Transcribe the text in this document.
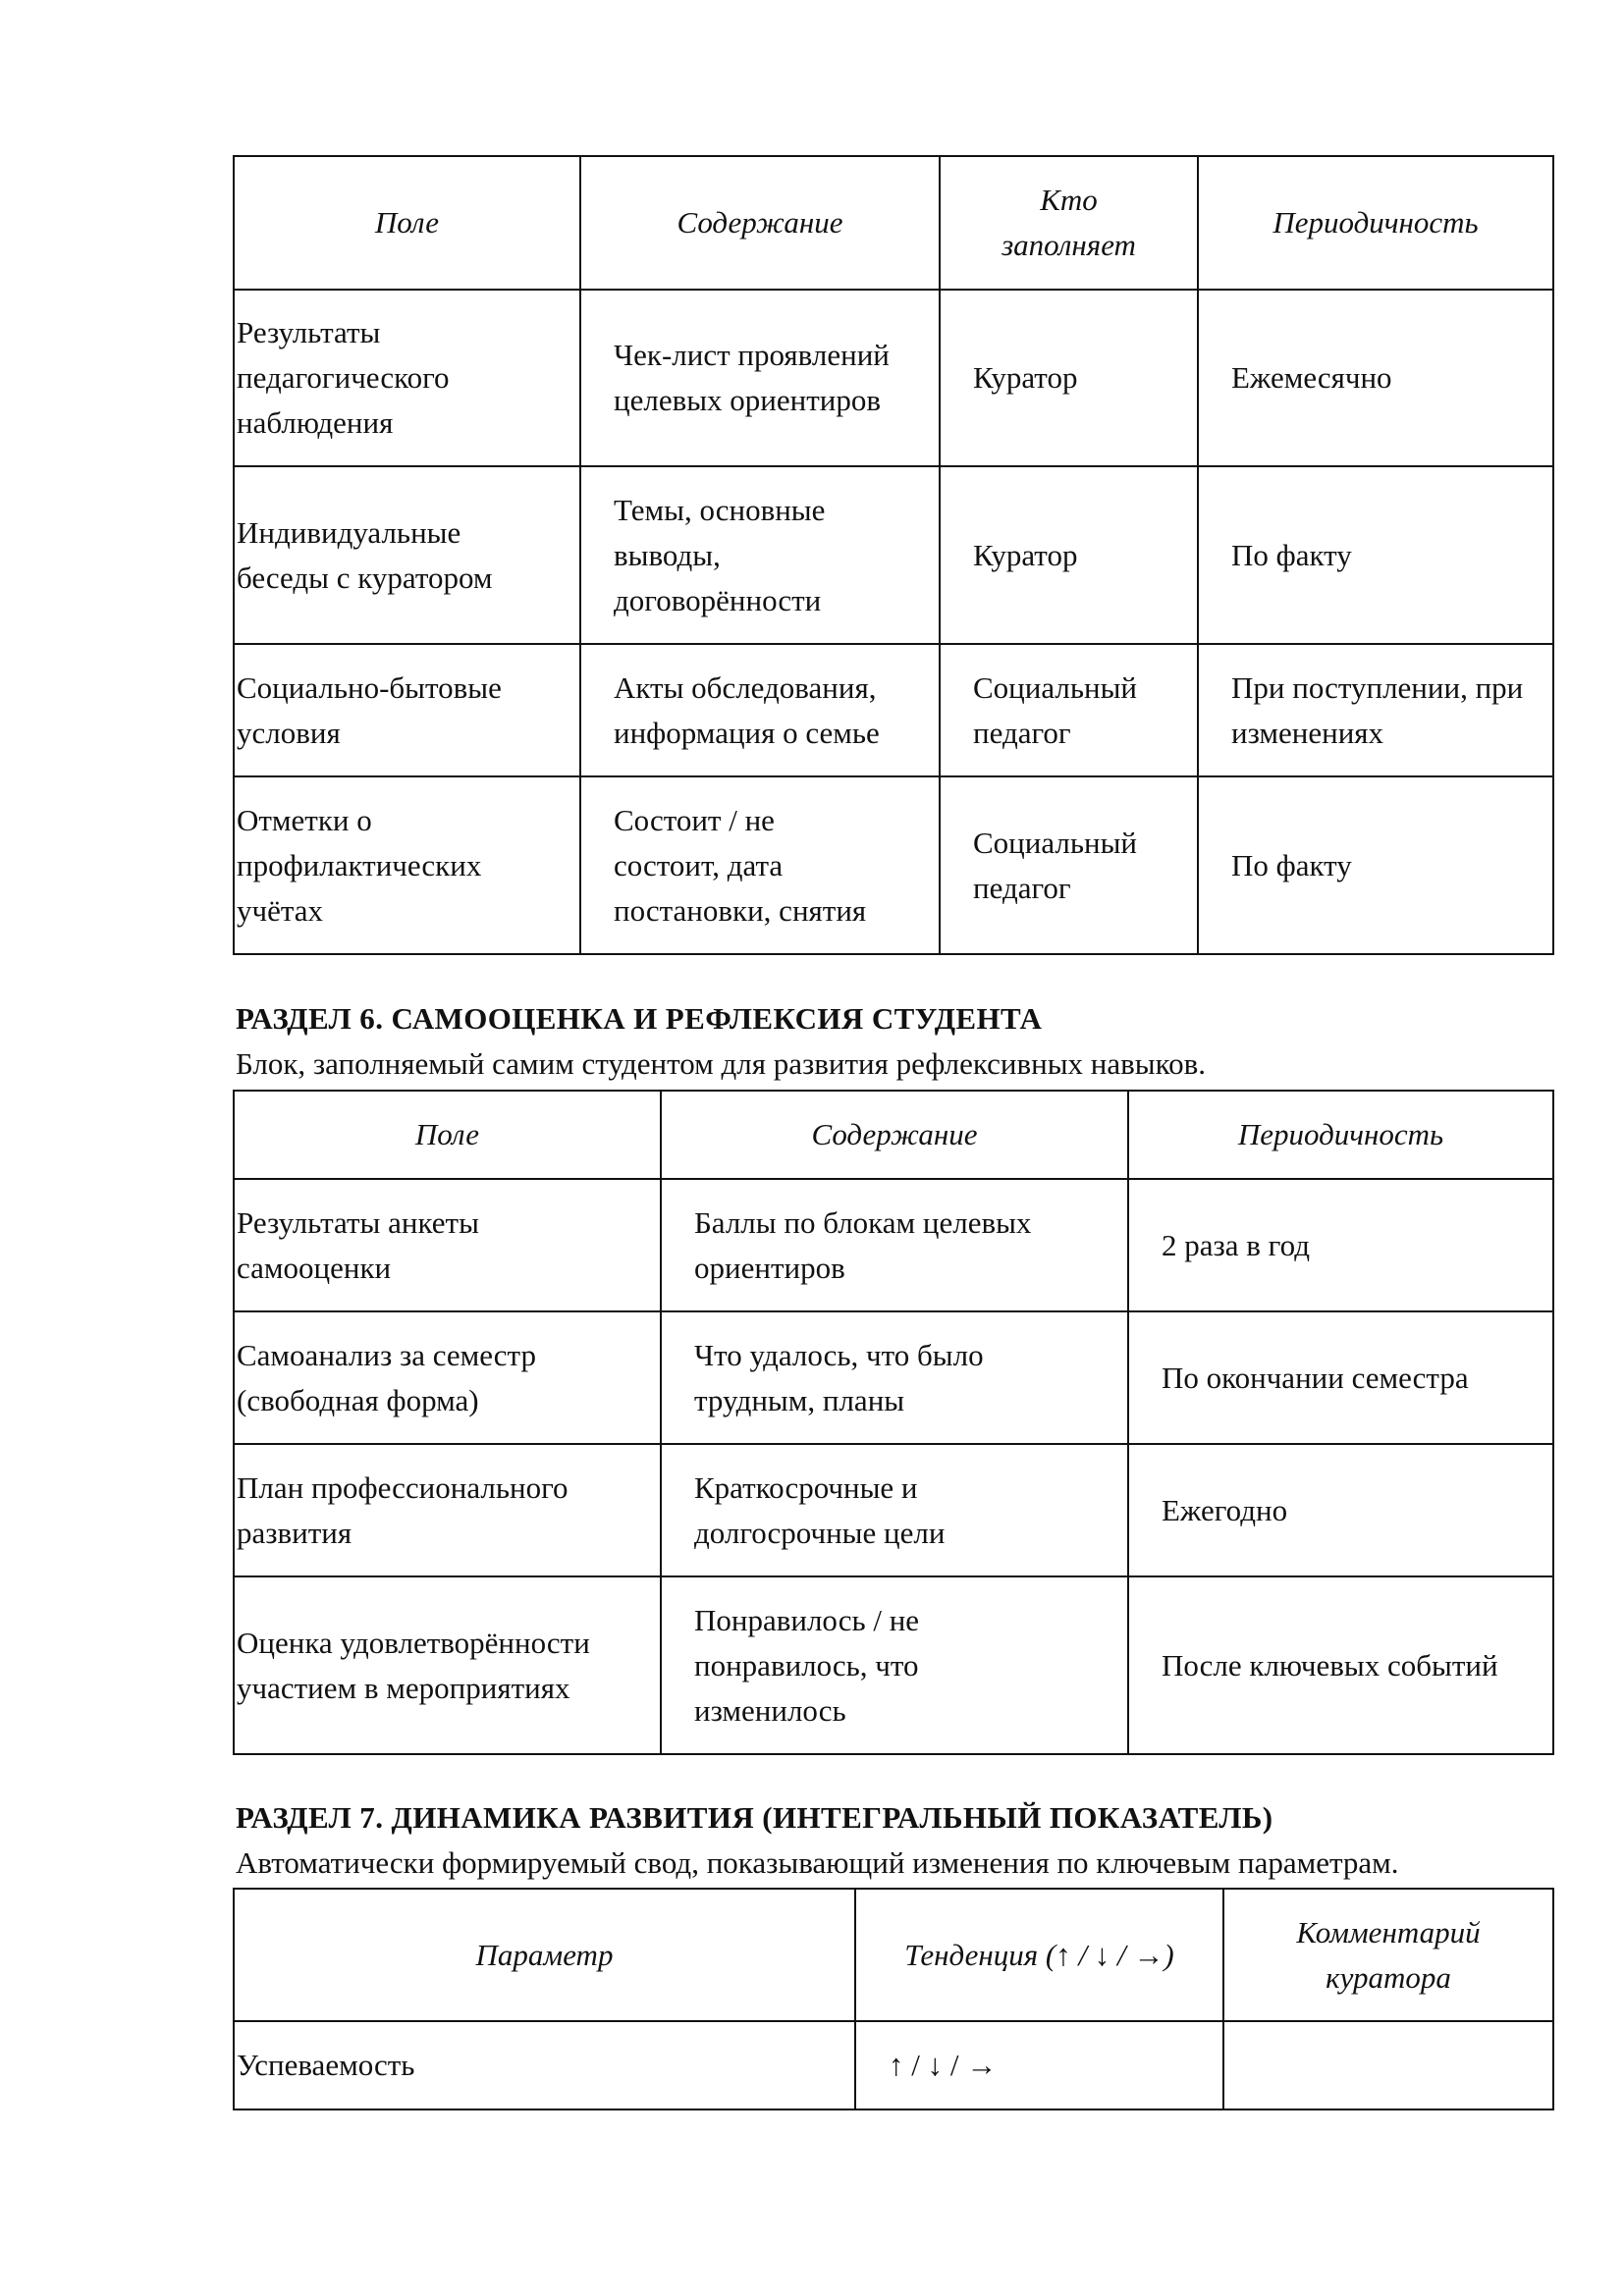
Поле	Содержание	Кто заполняет	Периодичность
Результаты педагогического наблюдения	Чек-лист проявлений целевых ориентиров	Куратор	Ежемесячно
Индивидуальные беседы с куратором	Темы, основные выводы, договорённости	Куратор	По факту
Социально-бытовые условия	Акты обследования, информация о семье	Социальный педагог	При поступлении, при изменениях
Отметки о профилактических учётах	Состоит / не состоит, дата постановки, снятия	Социальный педагог	По факту
РАЗДЕЛ 6. САМООЦЕНКА И РЕФЛЕКСИЯ СТУДЕНТА
Блок, заполняемый самим студентом для развития рефлексивных навыков.
Поле	Содержание	Периодичность
Результаты анкеты самооценки	Баллы по блокам целевых ориентиров	2 раза в год
Самоанализ за семестр (свободная форма)	Что удалось, что было трудным, планы	По окончании семестра
План профессионального развития	Краткосрочные и долгосрочные цели	Ежегодно
Оценка удовлетворённости участием в мероприятиях	Понравилось / не понравилось, что изменилось	После ключевых событий
РАЗДЕЛ 7. ДИНАМИКА РАЗВИТИЯ (ИНТЕГРАЛЬНЫЙ ПОКАЗАТЕЛЬ)
Автоматически формируемый свод, показывающий изменения по ключевым параметрам.
Параметр	Тенденция (↑ / ↓ / →)	Комментарий куратора
Успеваемость	↑ / ↓ / →	
